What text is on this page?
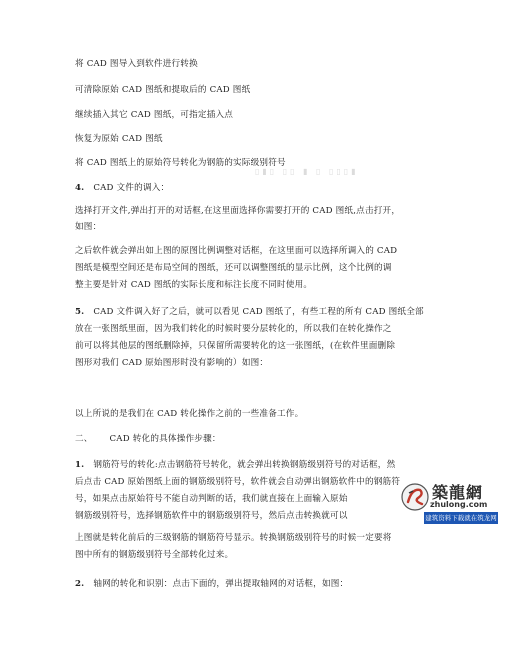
将 CAD 图导入到软件进行转换
可清除原始 CAD 图纸和提取后的 CAD 图纸
继续插入其它 CAD 图纸，可指定插入点
恢复为原始 CAD 图纸
将 CAD 图纸上的原始符号转化为钢筋的实际级别符号
▯▮▯ ▯▯ ▮ ▯ ▯▯▯▮
4. CAD 文件的调入：
选择打开文件,弹出打开的对话框,在这里面选择你需要打开的 CAD 图纸,点击打开，
如图：
之后软件就会弹出如上图的原图比例调整对话框，在这里面可以选择所调入的 CAD
图纸是模型空间还是布局空间的图纸，还可以调整图纸的显示比例，这个比例的调
整主要是针对 CAD 图纸的实际长度和标注长度不同时使用。
5. CAD 文件调入好了之后，就可以看见 CAD 图纸了，有些工程的所有 CAD 图纸全部
放在一张图纸里面，因为我们转化的时候时要分层转化的，所以我们在转化操作之
前可以将其他层的图纸删除掉，只保留所需要转化的这一张图纸，(在软件里面删除
图形对我们 CAD 原始图形时没有影响的）如图：
以上所说的是我们在 CAD 转化操作之前的一些准备工作。
二、 CAD 转化的具体操作步骤：
1. 钢筋符号的转化:点击钢筋符号转化，就会弹出转换钢筋级别符号的对话框，然
后点击 CAD 原始图纸上面的钢筋级别符号，软件就会自动弹出钢筋软件中的钢筋符
号，如果点击原始符号不能自动判断的话，我们就直接在上面输入原始
钢筋级别符号，选择钢筋软件中的钢筋级别符号，然后点击转换就可以
上图就是转化前后的三级钢筋的钢筋符号显示。转换钢筋级别符号的时候一定要将
图中所有的钢筋级别符号全部转化过来。
2. 轴网的转化和识别：点击下面的，弹出提取轴网的对话框，如图：
築龍網
zhulong.com
建筑资料下载就在筑龙网
